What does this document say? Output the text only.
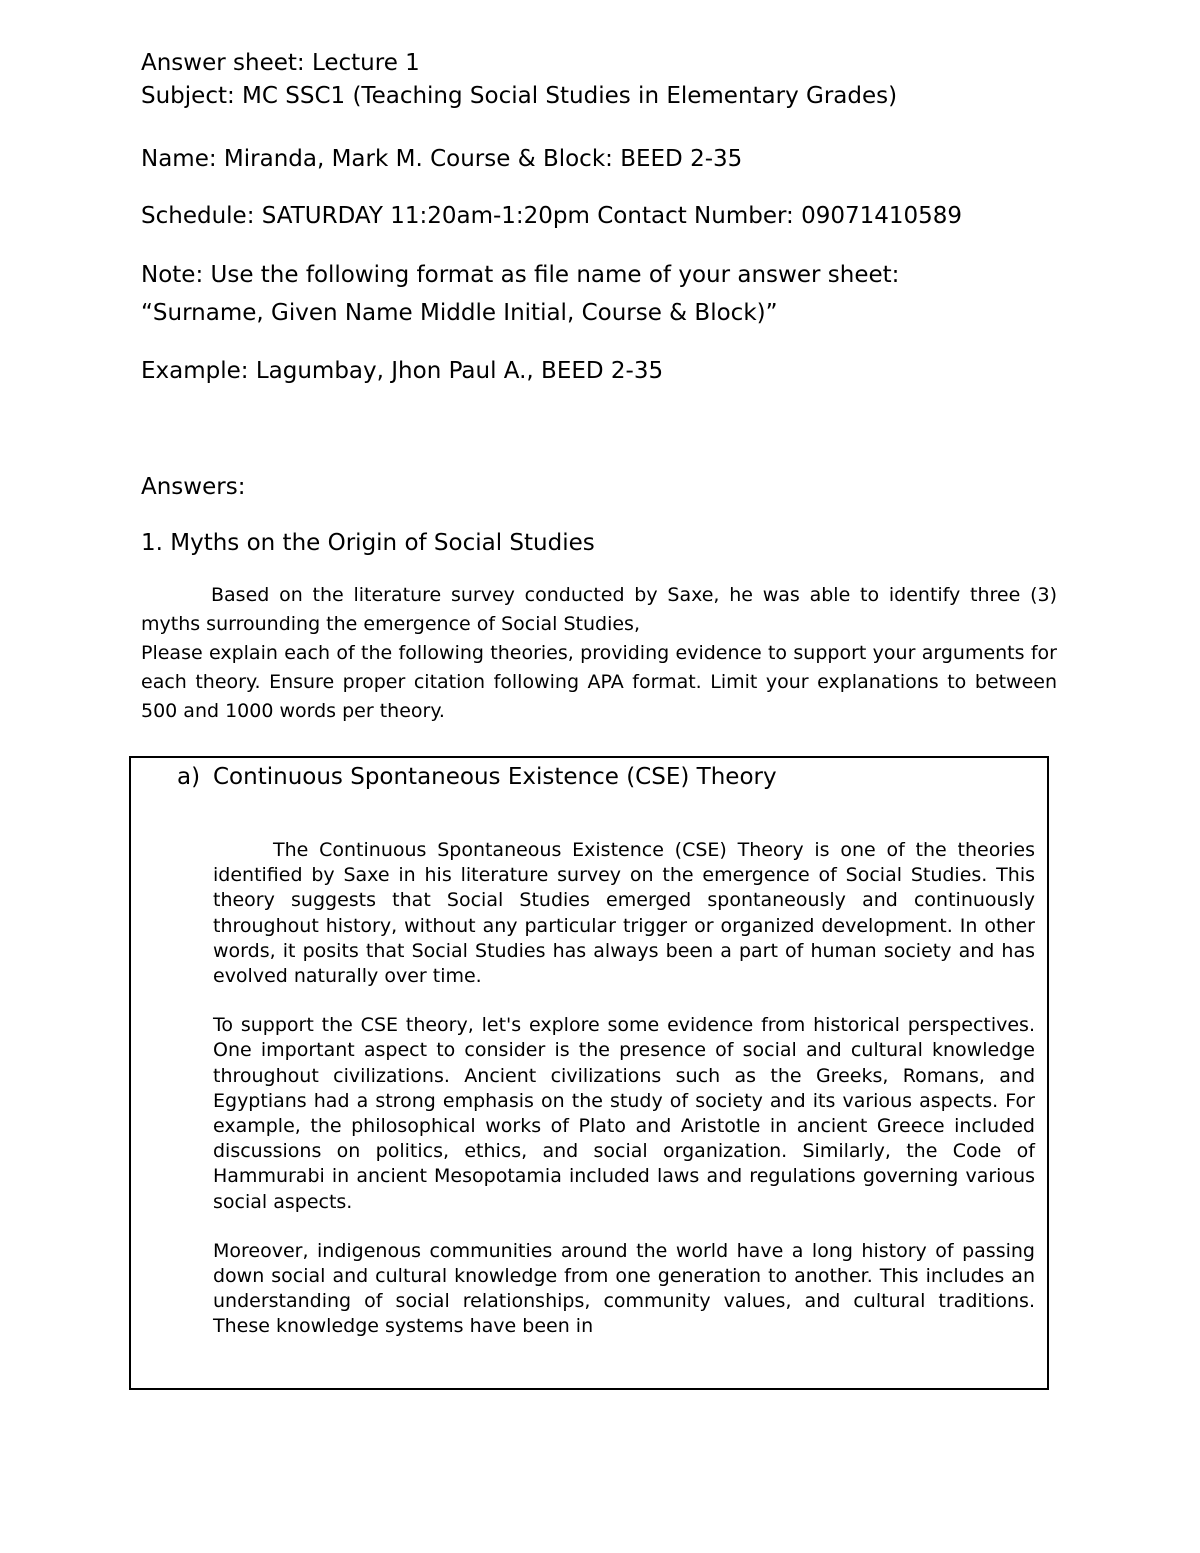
Answer sheet: Lecture 1
Subject: MC SSC1 (Teaching Social Studies in Elementary Grades)
Name: Miranda, Mark M. Course & Block: BEED 2-35
Schedule: SATURDAY 11:20am-1:20pm Contact Number: 09071410589
Note: Use the following format as file name of your answer sheet:
“Surname, Given Name Middle Initial, Course & Block)”
Example: Lagumbay, Jhon Paul A., BEED 2-35
Answers:
1. Myths on the Origin of Social Studies

Based on the literature survey conducted by Saxe, he was able to identify three (3) myths surrounding the emergence of Social Studies,

Please explain each of the following theories, providing evidence to support your arguments for each theory. Ensure proper citation following APA format. Limit your explanations to between 500 and 1000 words per theory.

a) Continuous Spontaneous Existence (CSE) Theory

The Continuous Spontaneous Existence (CSE) Theory is one of the theories identified by Saxe in his literature survey on the emergence of Social Studies. This theory suggests that Social Studies emerged spontaneously and continuously throughout history, without any particular trigger or organized development. In other words, it posits that Social Studies has always been a part of human society and has evolved naturally over time.

To support the CSE theory, let's explore some evidence from historical perspectives. One important aspect to consider is the presence of social and cultural knowledge throughout civilizations. Ancient civilizations such as the Greeks, Romans, and Egyptians had a strong emphasis on the study of society and its various aspects. For example, the philosophical works of Plato and Aristotle in ancient Greece included discussions on politics, ethics, and social organization. Similarly, the Code of Hammurabi in ancient Mesopotamia included laws and regulations governing various social aspects.

Moreover, indigenous communities around the world have a long history of passing down social and cultural knowledge from one generation to another. This includes an understanding of social relationships, community values, and cultural traditions. These knowledge systems have been in
